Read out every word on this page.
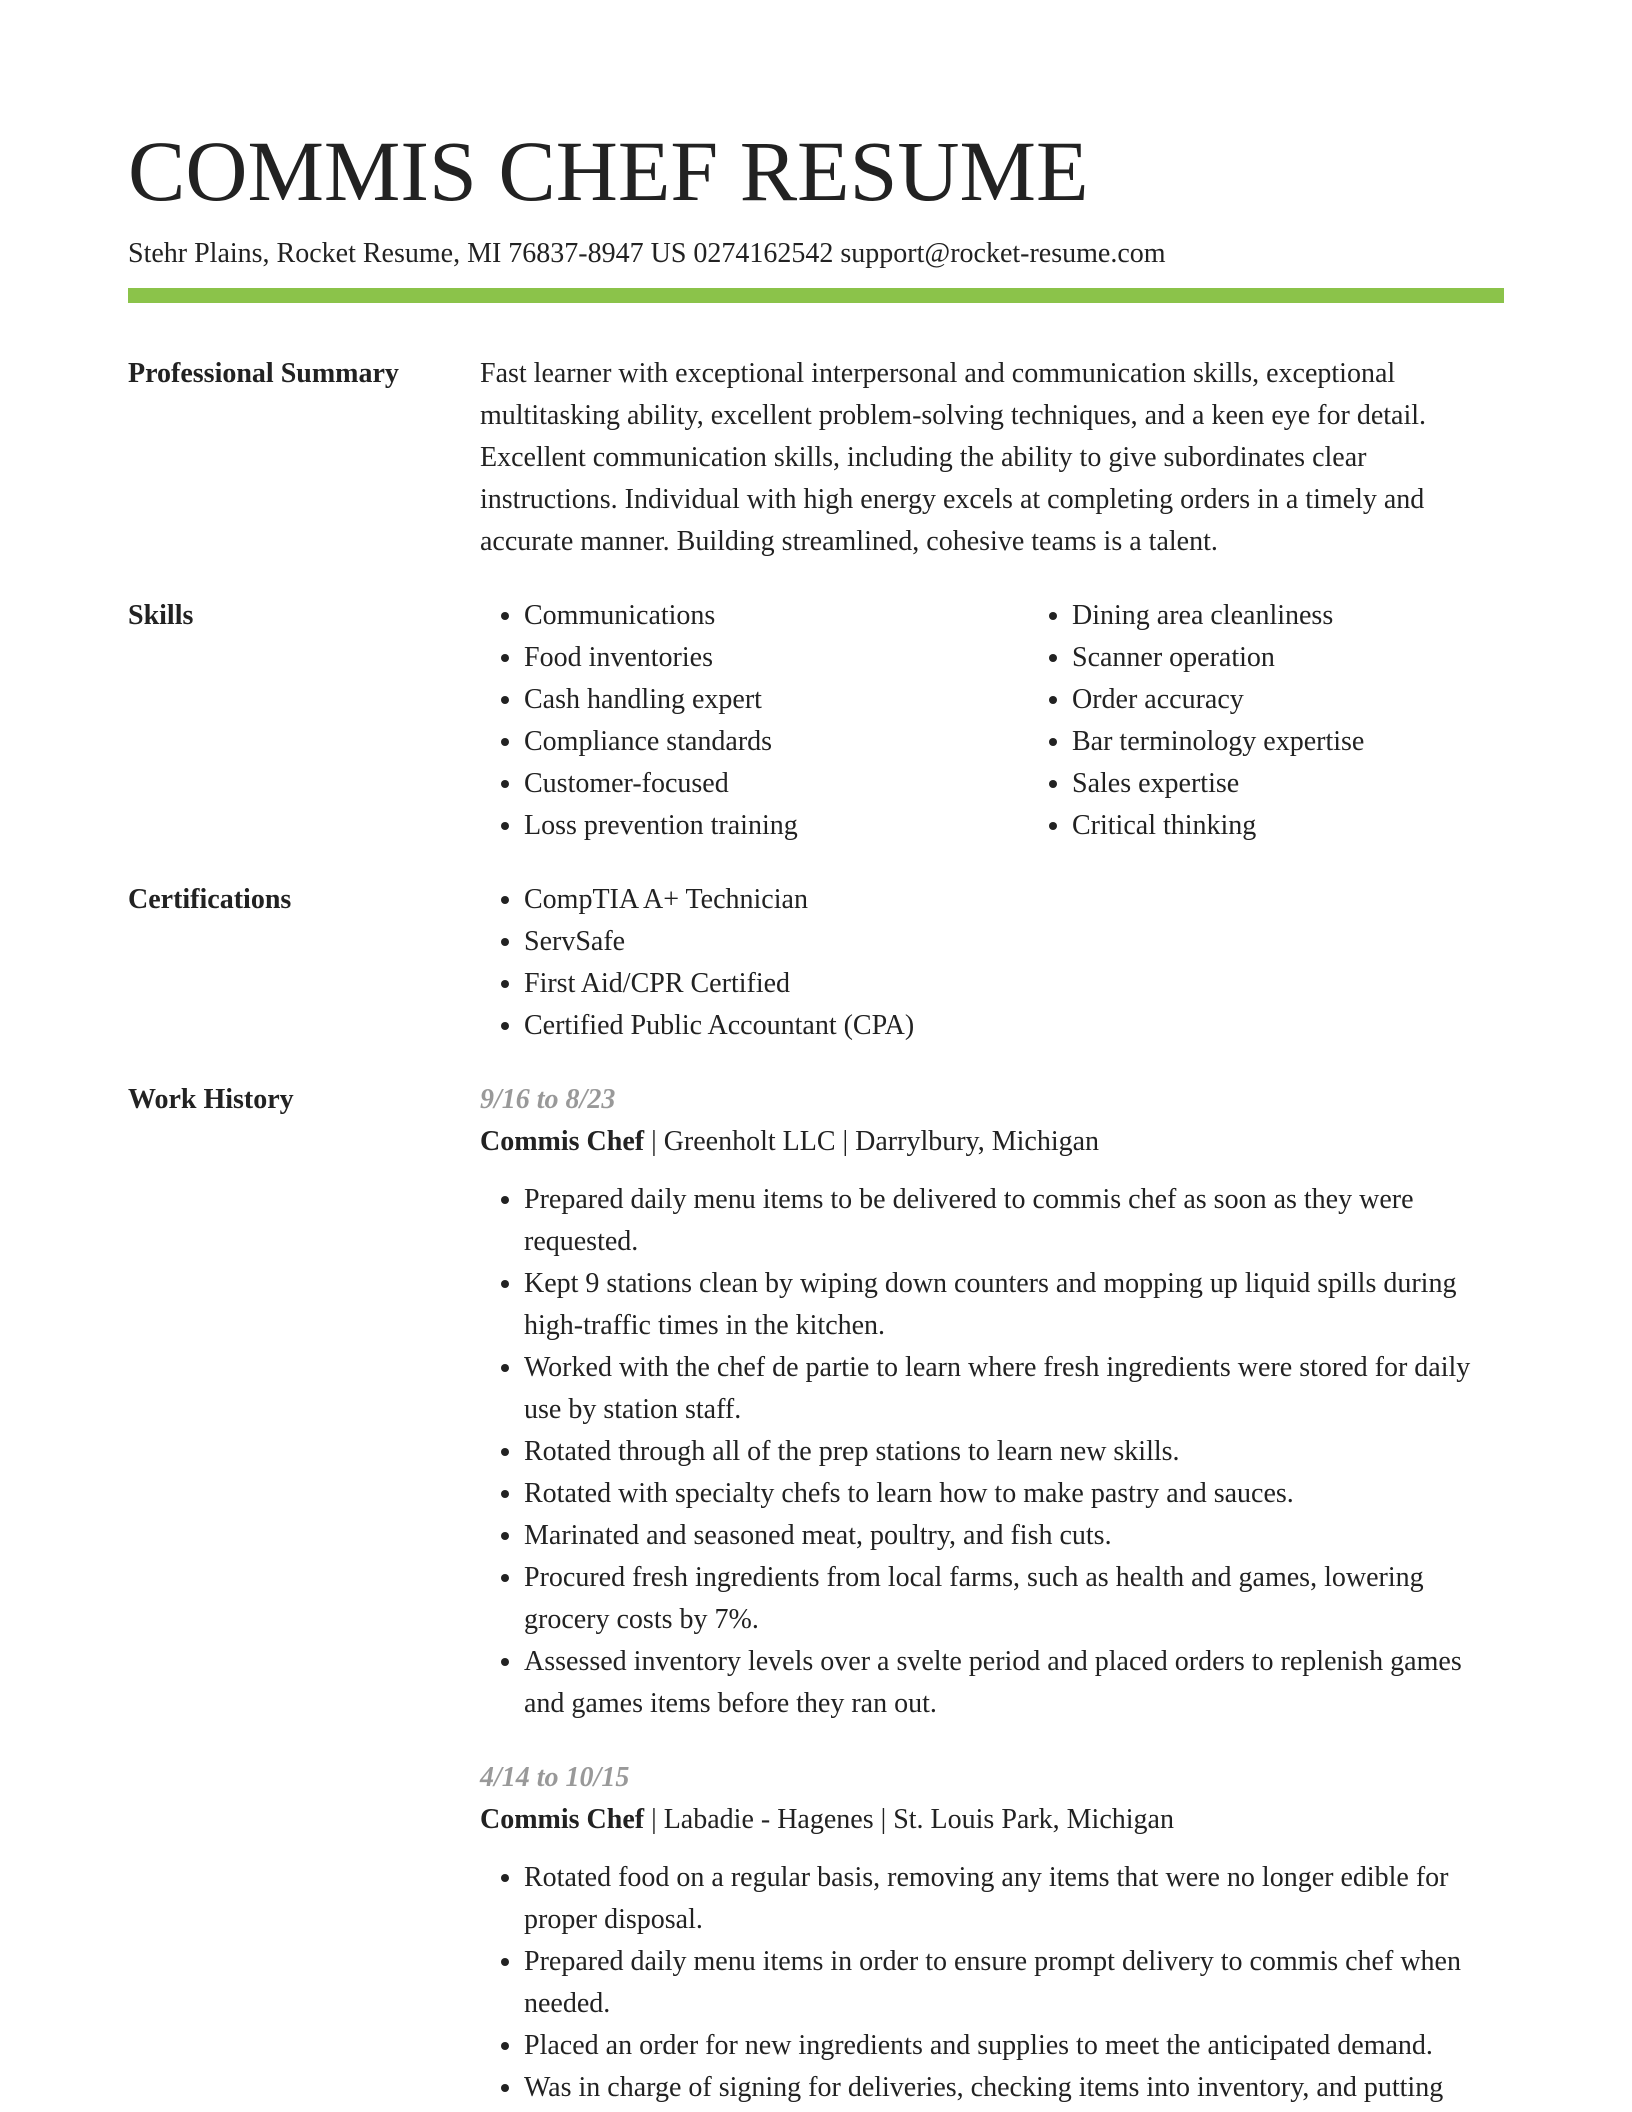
COMMIS CHEF RESUME
Stehr Plains, Rocket Resume, MI 76837-8947 US 0274162542 support@rocket-resume.com
Professional Summary	Fast learner with exceptional interpersonal and communication skills, exceptional multitasking ability, excellent problem-solving techniques, and a keen eye for detail. Excellent communication skills, including the ability to give subordinates clear instructions. Individual with high energy excels at completing orders in a timely and accurate manner. Building streamlined, cohesive teams is a talent.
Skills	• Communications
• Food inventories
• Cash handling expert
• Compliance standards
• Customer-focused
• Loss prevention training
• Dining area cleanliness
• Scanner operation
• Order accuracy
• Bar terminology expertise
• Sales expertise
• Critical thinking
Certifications	• CompTIA A+ Technician
• ServSafe
• First Aid/CPR Certified
• Certified Public Accountant (CPA)
Work History	9/16 to 8/23
Commis Chef | Greenholt LLC | Darrylbury, Michigan
• Prepared daily menu items to be delivered to commis chef as soon as they were requested.
• Kept 9 stations clean by wiping down counters and mopping up liquid spills during high-traffic times in the kitchen.
• Worked with the chef de partie to learn where fresh ingredients were stored for daily use by station staff.
• Rotated through all of the prep stations to learn new skills.
• Rotated with specialty chefs to learn how to make pastry and sauces.
• Marinated and seasoned meat, poultry, and fish cuts.
• Procured fresh ingredients from local farms, such as health and games, lowering grocery costs by 7%.
• Assessed inventory levels over a svelte period and placed orders to replenish games and games items before they ran out.
4/14 to 10/15
Commis Chef | Labadie - Hagenes | St. Louis Park, Michigan
• Rotated food on a regular basis, removing any items that were no longer edible for proper disposal.
• Prepared daily menu items in order to ensure prompt delivery to commis chef when needed.
• Placed an order for new ingredients and supplies to meet the anticipated demand.
• Was in charge of signing for deliveries, checking items into inventory, and putting
